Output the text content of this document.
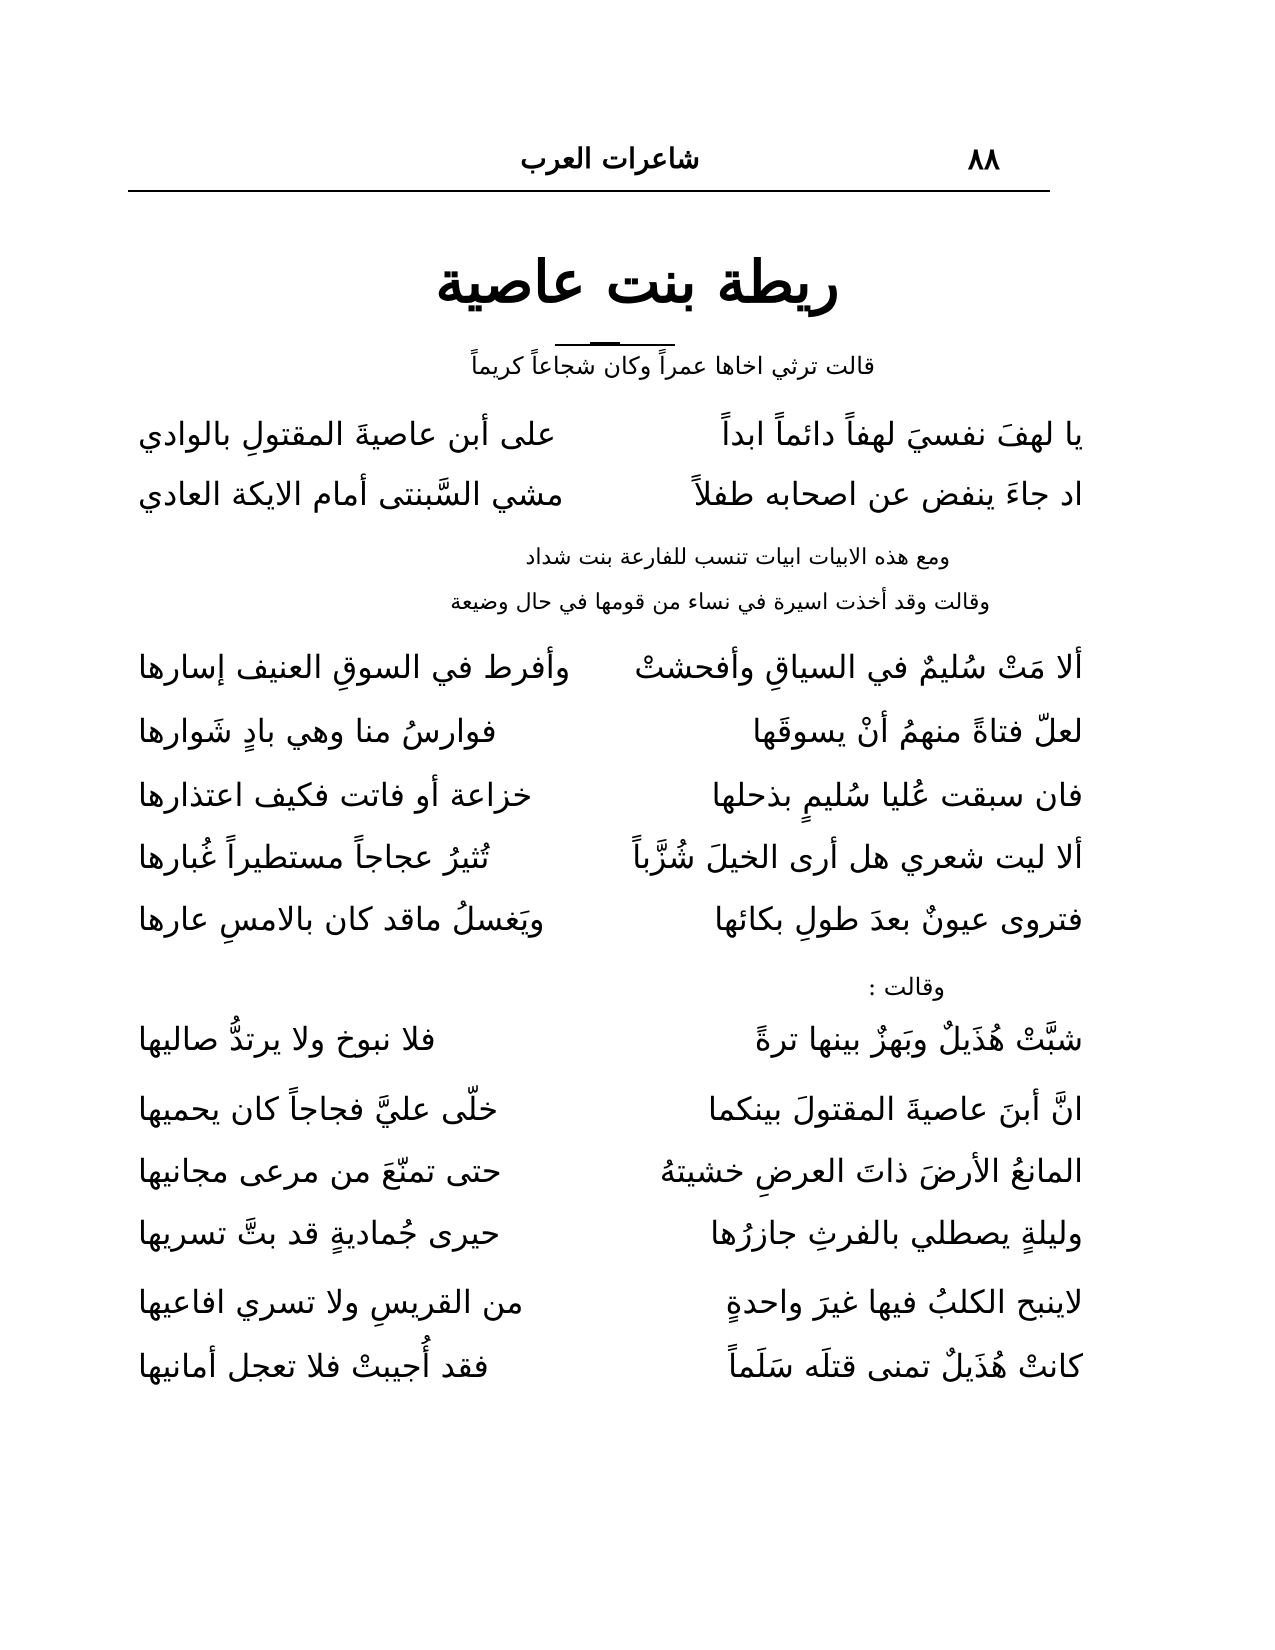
٨٨
شاعرات العرب
ريطة بنت عاصية
قالت ترثي اخاها عمراً وكان شجاعاً كريماً
يا لهفَ نفسيَ لهفاً دائماً ابداً
على أبن عاصيةَ المقتولِ بالوادي
اد جاءَ ينفض عن اصحابه طفلاً
مشي السَّبنتى أمام الايكة العادي
ومع هذه الابيات ابيات تنسب للفارعة بنت شداد
وقالت وقد أخذت اسيرة في نساء من قومها في حال وضيعة
ألا مَتْ سُليمٌ في السياقِ وأفحشتْ
وأفرط في السوقِ العنيف إسارها
لعلّ فتاةً منهمُ أنْ يسوقَها
فوارسُ منا وهي بادٍ شَوارها
فان سبقت عُليا سُليمٍ بذحلها
خزاعة أو فاتت فكيف اعتذارها
ألا ليت شعري هل أرى الخيلَ شُزَّباً
تُثيرُ عجاجاً مستطيراً غُبارها
فتروى عيونٌ بعدَ طولِ بكائها
ويَغسلُ ماقد كان بالامسِ عارها
وقالت :
شبَّتْ هُذَيلٌ وبَهزٌ بينها ترةً
فلا نبوخ ولا يرتدُّ صاليها
انَّ أبنَ عاصيةَ المقتولَ بينكما
خلّى عليَّ فجاجاً كان يحميها
المانعُ الأرضَ ذاتَ العرضِ خشيتهُ
حتى تمنّعَ من مرعى مجانيها
وليلةٍ يصطلي بالفرثِ جازرُها
حيرى جُماديةٍ قد بتَّ تسريها
لاينبح الكلبُ فيها غيرَ واحدةٍ
من القريسِ ولا تسري افاعيها
كانتْ هُذَيلٌ تمنى قتلَه سَلَماً
فقد أُجيبتْ فلا تعجل أمانيها
